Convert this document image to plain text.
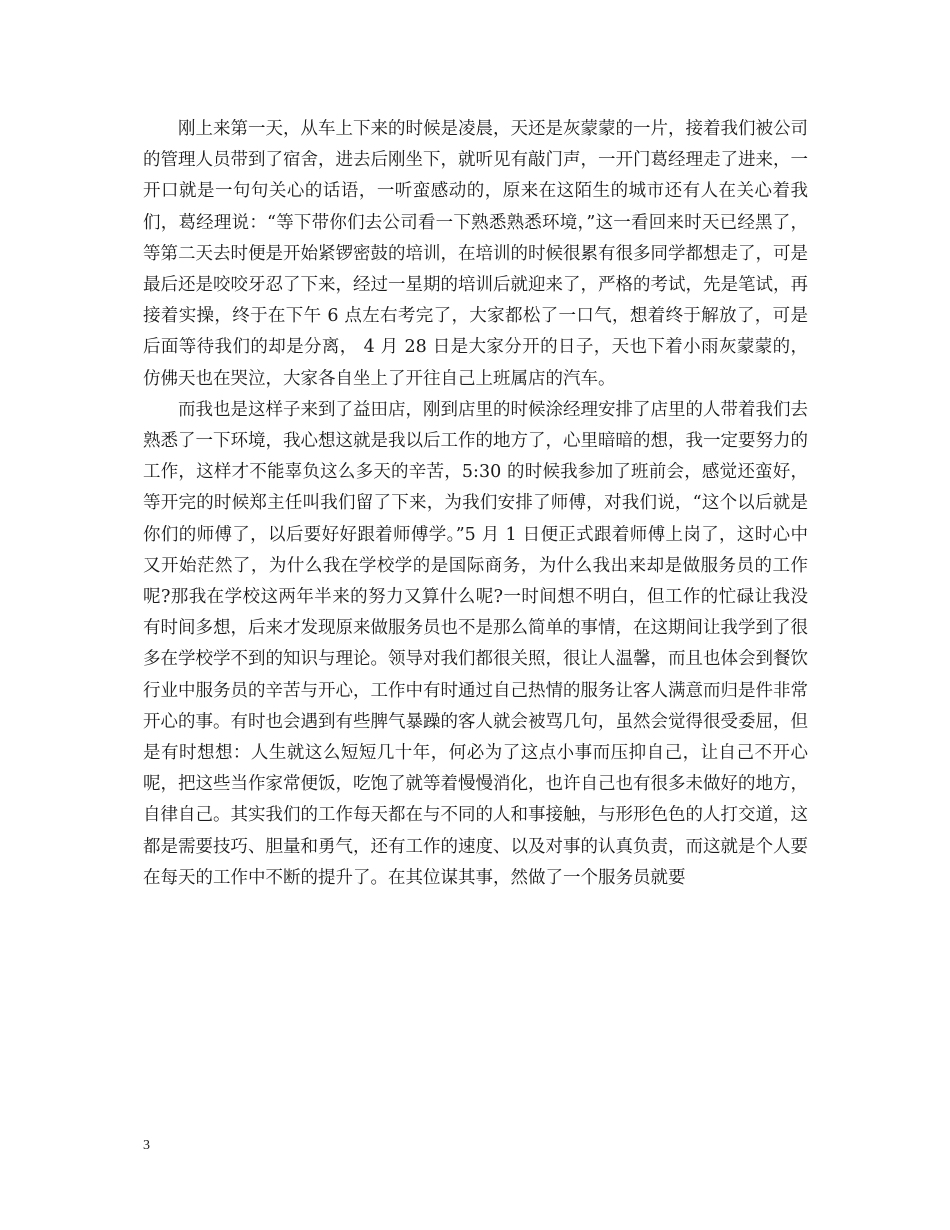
刚上来第一天，从车上下来的时候是凌晨，天还是灰蒙蒙的一片，接着我们被公司的管理人员带到了宿舍，进去后刚坐下，就听见有敲门声，一开门葛经理走了进来，一开口就是一句句关心的话语，一听蛮感动的，原来在这陌生的城市还有人在关心着我们，葛经理说：“等下带你们去公司看一下熟悉熟悉环境，”这一看回来时天已经黑了，等第二天去时便是开始紧锣密鼓的培训，在培训的时候很累有很多同学都想走了，可是最后还是咬咬牙忍了下来，经过一星期的培训后就迎来了，严格的考试，先是笔试，再接着实操，终于在下午 6 点左右考完了，大家都松了一口气，想着终于解放了，可是后面等待我们的却是分离， 4 月 28 日是大家分开的日子，天也下着小雨灰蒙蒙的，仿佛天也在哭泣，大家各自坐上了开往自己上班属店的汽车。

而我也是这样子来到了益田店，刚到店里的时候涂经理安排了店里的人带着我们去熟悉了一下环境，我心想这就是我以后工作的地方了，心里暗暗的想，我一定要努力的工作，这样才不能辜负这么多天的辛苦，5:30 的时候我参加了班前会，感觉还蛮好，等开完的时候郑主任叫我们留了下来，为我们安排了师傅，对我们说，“这个以后就是你们的师傅了，以后要好好跟着师傅学。”5 月 1 日便正式跟着师傅上岗了，这时心中又开始茫然了，为什么我在学校学的是国际商务，为什么我出来却是做服务员的工作呢?那我在学校这两年半来的努力又算什么呢?一时间想不明白，但工作的忙碌让我没有时间多想，后来才发现原来做服务员也不是那么简单的事情，在这期间让我学到了很多在学校学不到的知识与理论。领导对我们都很关照，很让人温馨，而且也体会到餐饮行业中服务员的辛苦与开心，工作中有时通过自己热情的服务让客人满意而归是件非常开心的事。有时也会遇到有些脾气暴躁的客人就会被骂几句，虽然会觉得很受委屈，但是有时想想：人生就这么短短几十年，何必为了这点小事而压抑自己，让自己不开心呢，把这些当作家常便饭，吃饱了就等着慢慢消化，也许自己也有很多未做好的地方，自律自己。其实我们的工作每天都在与不同的人和事接触，与形形色色的人打交道，这都是需要技巧、胆量和勇气，还有工作的速度、以及对事的认真负责，而这就是个人要在每天的工作中不断的提升了。在其位谋其事，然做了一个服务员就要

3
